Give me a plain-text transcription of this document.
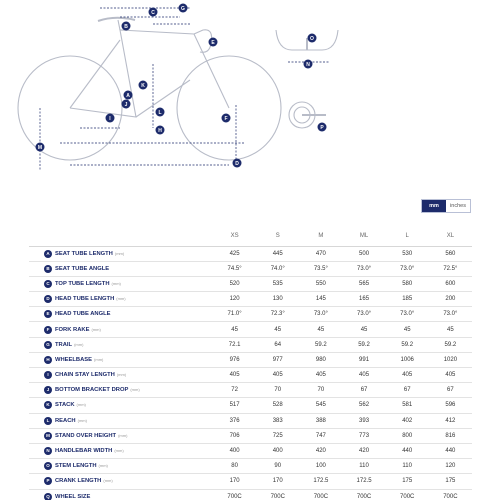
C
B
G
E
N
O
A
I
J
H
K
L
P
F
D
M
mm	inches
		XS	S	M	ML	L	XL
A	SEAT TUBE LENGTH (mm)	425	445	470	500	530	560
B	SEAT TUBE ANGLE	74.5°	74.0°	73.5°	73.0°	73.0°	72.5°
C	TOP TUBE LENGTH (mm)	520	535	550	565	580	600
D	HEAD TUBE LENGTH (mm)	120	130	145	165	185	200
E	HEAD TUBE ANGLE	71.0°	72.3°	73.0°	73.0°	73.0°	73.0°
F	FORK RAKE (mm)	45	45	45	45	45	45
G	TRAIL (mm)	72.1	64	59.2	59.2	59.2	59.2
H	WHEELBASE (mm)	976	977	980	991	1006	1020
I	CHAIN STAY LENGTH (mm)	405	405	405	405	405	405
J	BOTTOM BRACKET DROP (mm)	72	70	70	67	67	67
K	STACK (mm)	517	528	545	562	581	596
L	REACH (mm)	376	383	388	393	402	412
M	STAND OVER HEIGHT (mm)	706	725	747	773	800	816
N	HANDLEBAR WIDTH (mm)	400	400	420	420	440	440
O	STEM LENGTH (mm)	80	90	100	110	110	120
P	CRANK LENGTH (mm)	170	170	172.5	172.5	175	175
Q	WHEEL SIZE	700C	700C	700C	700C	700C	700C
